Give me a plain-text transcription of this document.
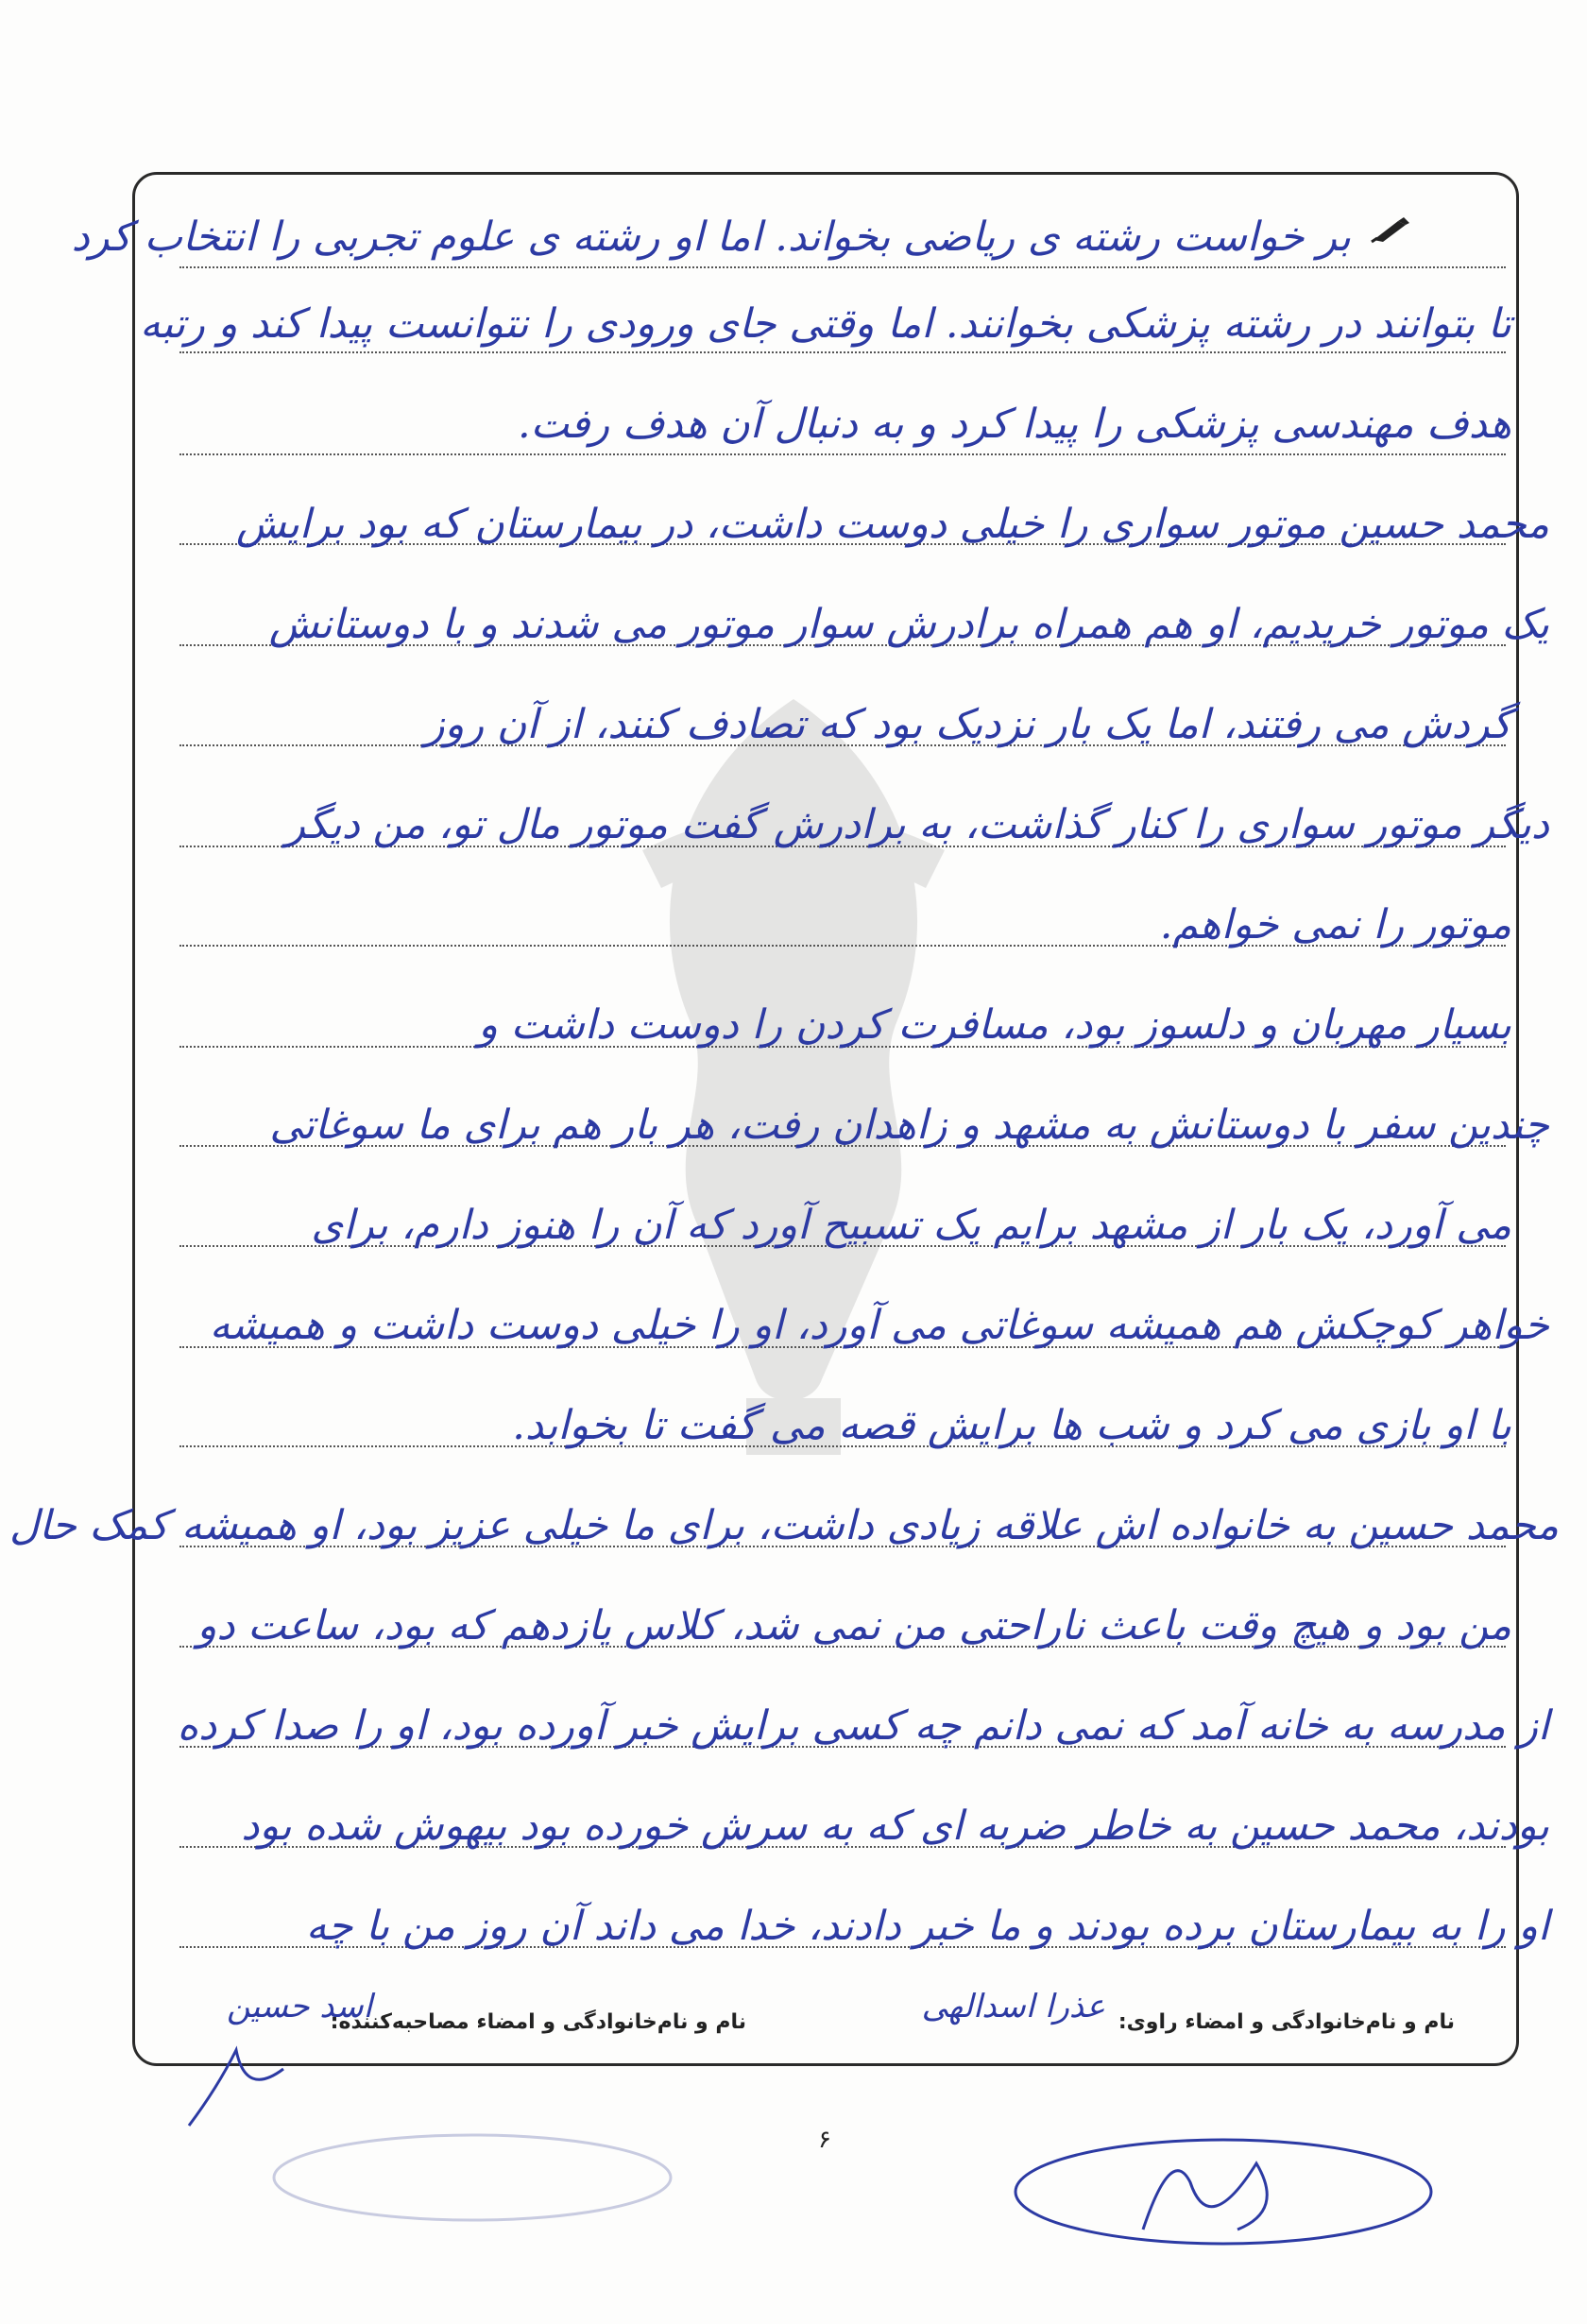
بر خواست رشته ی ریاضی بخواند. اما او رشته ی علوم تجربی را انتخاب کرد
تا بتوانند در رشته پزشکی بخوانند. اما وقتی جای ورودی را نتوانست پیدا کند و رتبه
هدف مهندسی پزشکی را پیدا کرد و به دنبال آن هدف رفت.
محمد حسین موتور سواری را خیلی دوست داشت، در بیمارستان که بود برایش
یک موتور خریدیم، او هم همراه برادرش سوار موتور می شدند و با دوستانش
گردش می رفتند، اما یک بار نزدیک بود که تصادف کنند، از آن روز
دیگر موتور سواری را کنار گذاشت، به برادرش گفت موتور مال تو، من دیگر
موتور را نمی خواهم.
بسیار مهربان و دلسوز بود، مسافرت کردن را دوست داشت و
چندین سفر با دوستانش به مشهد و زاهدان رفت، هر بار هم برای ما سوغاتی
می آورد، یک بار از مشهد برایم یک تسبیح آورد که آن را هنوز دارم، برای
خواهر کوچکش هم همیشه سوغاتی می آورد، او را خیلی دوست داشت و همیشه
با او بازی می کرد و شب ها برایش قصه می گفت تا بخوابد.
محمد حسین به خانواده اش علاقه زیادی داشت، برای ما خیلی عزیز بود، او همیشه کمک حال
من بود و هیچ وقت باعث ناراحتی من نمی شد، کلاس یازدهم که بود، ساعت دو
از مدرسه به خانه آمد که نمی دانم چه کسی برایش خبر آورده بود، او را صدا کرده
بودند، محمد حسین به خاطر ضربه ای که به سرش خورده بود بیهوش شده بود
او را به بیمارستان برده بودند و ما خبر دادند، خدا می داند آن روز من با چه
نام و نام‌خانوادگی و امضاء راوی:
عذرا اسدالهی
نام و نام‌خانوادگی و امضاء مصاحبه‌کننده:
اسد حسین
۶
